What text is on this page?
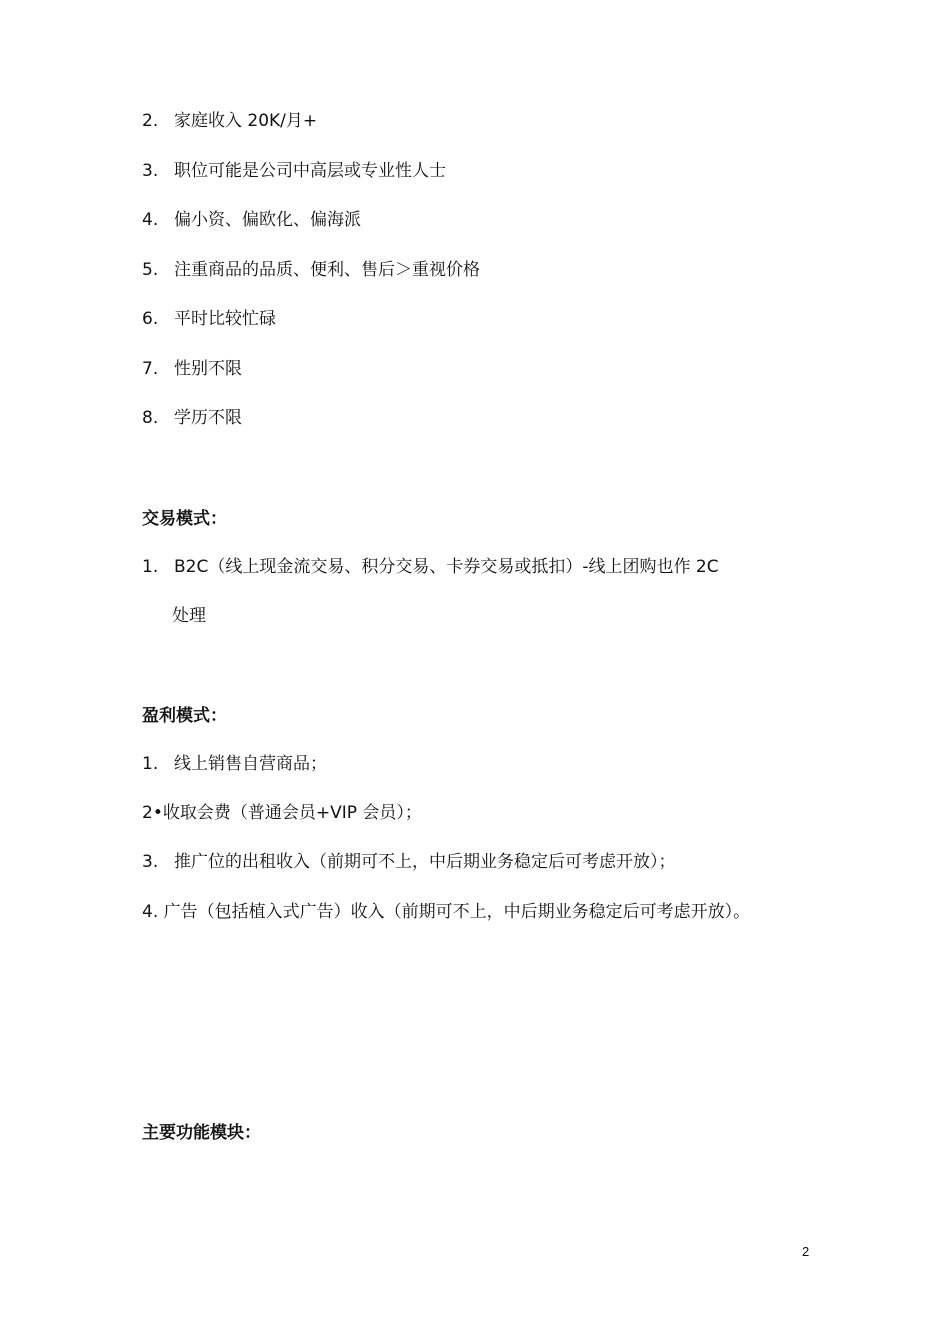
2. 家庭收入 20K/月+
3. 职位可能是公司中高层或专业性人士
4. 偏小资、偏欧化、偏海派
5. 注重商品的品质、便利、售后＞重视价格
6. 平时比较忙碌
7. 性别不限
8. 学历不限
交易模式：
1. B2C（线上现金流交易、积分交易、卡券交易或抵扣）-线上团购也作 2C
处理
盈利模式：
1. 线上销售自营商品；
2•收取会费（普通会员+VIP 会员）；
3. 推广位的出租收入（前期可不上，中后期业务稳定后可考虑开放）；
4. 广告（包括植入式广告）收入（前期可不上，中后期业务稳定后可考虑开放）。
主要功能模块：
2
